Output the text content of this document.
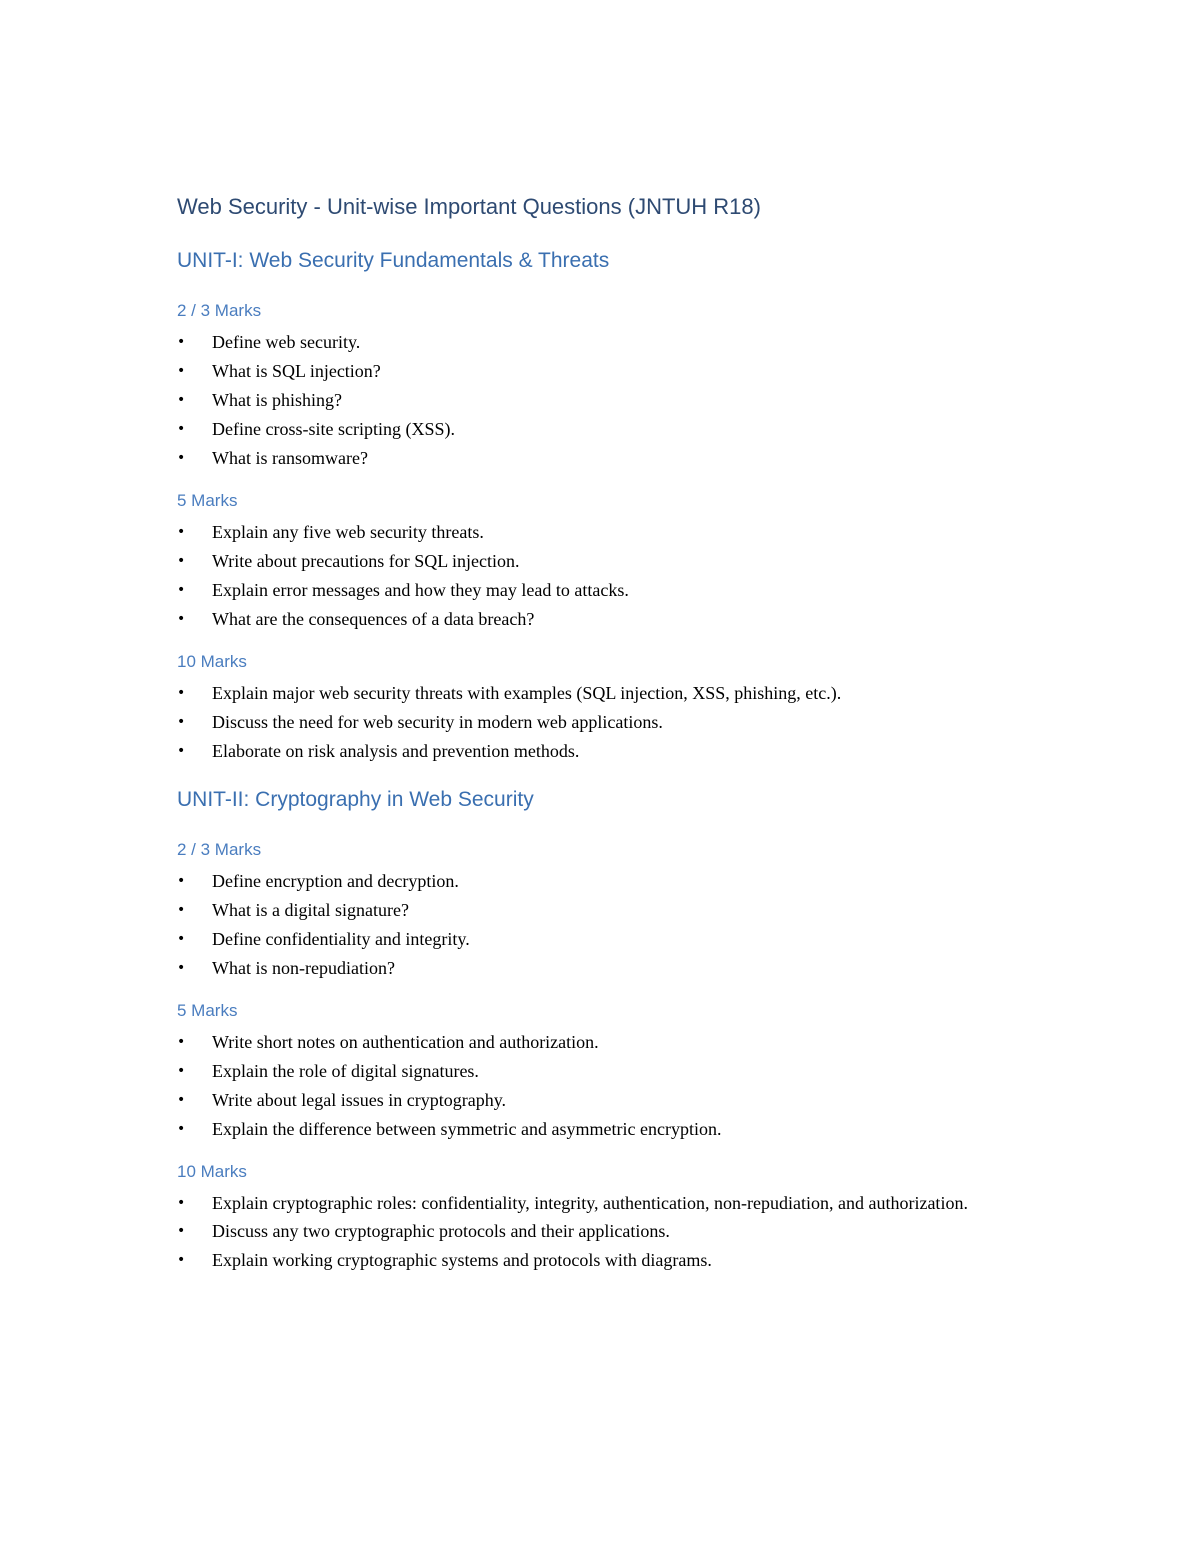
Web Security - Unit-wise Important Questions (JNTUH R18)
UNIT-I: Web Security Fundamentals & Threats
2 / 3 Marks
• Define web security.
• What is SQL injection?
• What is phishing?
• Define cross-site scripting (XSS).
• What is ransomware?
5 Marks
• Explain any five web security threats.
• Write about precautions for SQL injection.
• Explain error messages and how they may lead to attacks.
• What are the consequences of a data breach?
10 Marks
• Explain major web security threats with examples (SQL injection, XSS, phishing, etc.).
• Discuss the need for web security in modern web applications.
• Elaborate on risk analysis and prevention methods.
UNIT-II: Cryptography in Web Security
2 / 3 Marks
• Define encryption and decryption.
• What is a digital signature?
• Define confidentiality and integrity.
• What is non-repudiation?
5 Marks
• Write short notes on authentication and authorization.
• Explain the role of digital signatures.
• Write about legal issues in cryptography.
• Explain the difference between symmetric and asymmetric encryption.
10 Marks
• Explain cryptographic roles: confidentiality, integrity, authentication, non-repudiation, and authorization.
• Discuss any two cryptographic protocols and their applications.
• Explain working cryptographic systems and protocols with diagrams.
